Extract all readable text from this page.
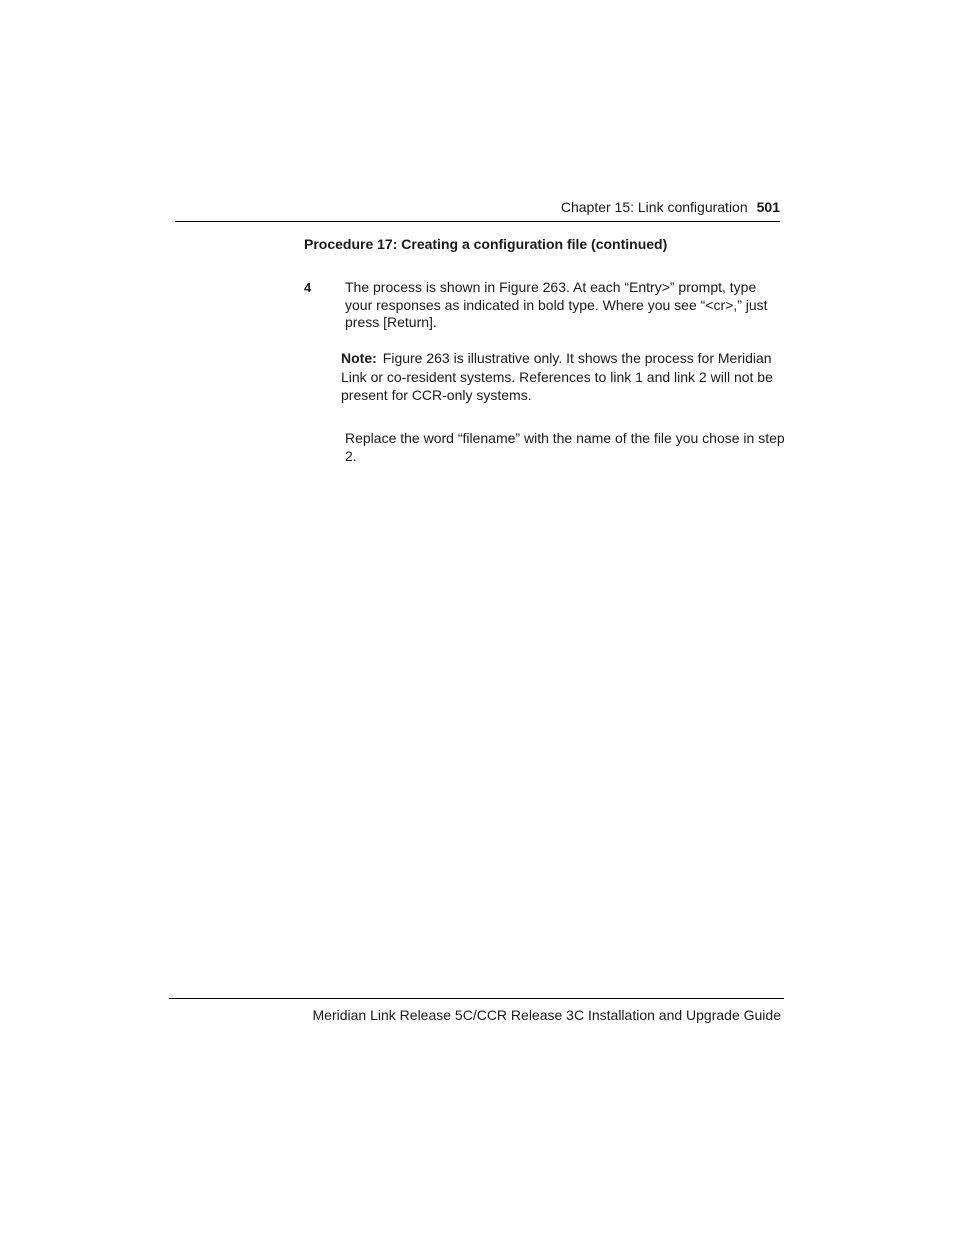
Chapter 15: Link configuration 501
Procedure 17: Creating a configuration file (continued)
4 The process is shown in Figure 263. At each “Entry>” prompt, type your responses as indicated in bold type. Where you see “<cr>,” just press [Return].
Note: Figure 263 is illustrative only. It shows the process for Meridian Link or co-resident systems. References to link 1 and link 2 will not be present for CCR-only systems.
Replace the word “filename” with the name of the file you chose in step 2.
Meridian Link Release 5C/CCR Release 3C Installation and Upgrade Guide
